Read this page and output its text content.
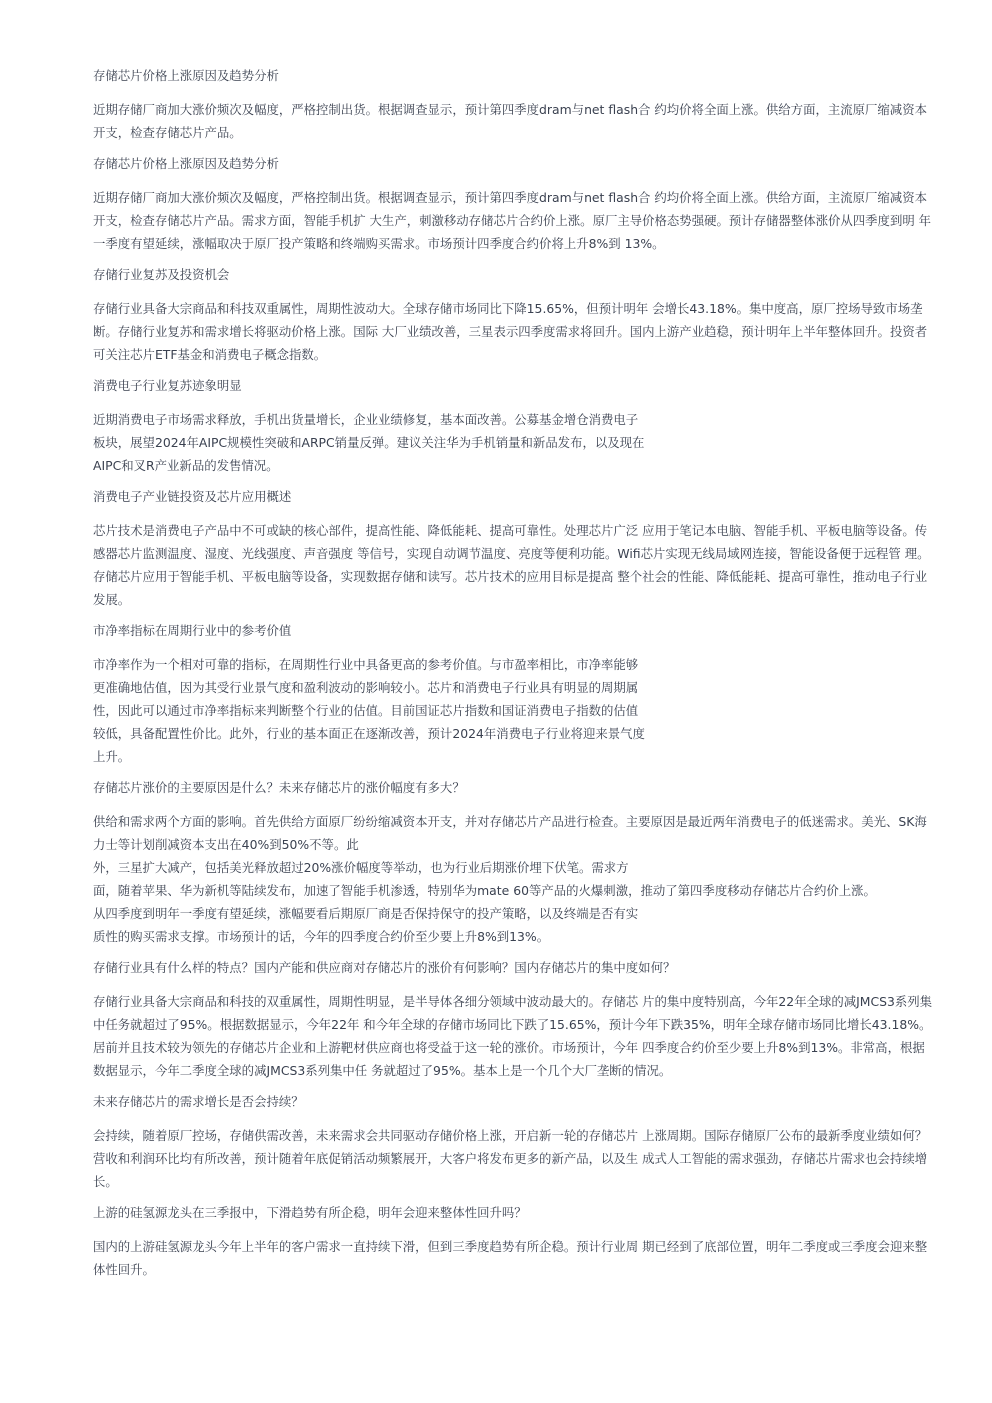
存储芯片价格上涨原因及趋势分析
近期存储厂商加大涨价频次及幅度，严格控制出货。根据调查显示，预计第四季度dram与net flash合 约均价将全面上涨。供给方面，主流原厂缩减资本开支，检查存储芯片产品。
存储芯片价格上涨原因及趋势分析
近期存储厂商加大涨价频次及幅度，严格控制出货。根据调查显示，预计第四季度dram与net flash合 约均价将全面上涨。供给方面，主流原厂缩减资本开支，检查存储芯片产品。需求方面，智能手机扩 大生产，刺激移动存储芯片合约价上涨。原厂主导价格态势强硬。预计存储器整体涨价从四季度到明 年一季度有望延续，涨幅取决于原厂投产策略和终端购买需求。市场预计四季度合约价将上升8%到 13%。
存储行业复苏及投资机会
存储行业具备大宗商品和科技双重属性，周期性波动大。全球存储市场同比下降15.65%，但预计明年 会增长43.18%。集中度高，原厂控场导致市场垄断。存储行业复苏和需求增长将驱动价格上涨。国际 大厂业绩改善，三星表示四季度需求将回升。国内上游产业趋稳，预计明年上半年整体回升。投资者 可关注芯片ETF基金和消费电子概念指数。
消费电子行业复苏迹象明显
近期消费电子市场需求释放，手机出货量增长，企业业绩修复，基本面改善。公募基金增仓消费电子
板块，展望2024年AIPC规模性突破和ARPC销量反弹。建议关注华为手机销量和新品发布，以及现在
AIPC和叉R产业新品的发售情况。
消费电子产业链投资及芯片应用概述
芯片技术是消费电子产品中不可或缺的核心部件，提高性能、降低能耗、提高可靠性。处理芯片广泛 应用于笔记本电脑、智能手机、平板电脑等设备。传感器芯片监测温度、湿度、光线强度、声音强度 等信号，实现自动调节温度、亮度等便利功能。Wifi芯片实现无线局域网连接，智能设备便于远程管 理。存储芯片应用于智能手机、平板电脑等设备，实现数据存储和读写。芯片技术的应用目标是提高 整个社会的性能、降低能耗、提高可靠性，推动电子行业发展。
市净率指标在周期行业中的参考价值
市净率作为一个相对可靠的指标，在周期性行业中具备更高的参考价值。与市盈率相比，市净率能够
更准确地估值，因为其受行业景气度和盈利波动的影响较小。芯片和消费电子行业具有明显的周期属
性，因此可以通过市净率指标来判断整个行业的估值。目前国证芯片指数和国证消费电子指数的估值
较低，具备配置性价比。此外，行业的基本面正在逐渐改善，预计2024年消费电子行业将迎来景气度
上升。
存储芯片涨价的主要原因是什么？未来存储芯片的涨价幅度有多大？
供给和需求两个方面的影响。首先供给方面原厂纷纷缩减资本开支，并对存储芯片产品进行检查。主要原因是最近两年消费电子的低迷需求。美光、SK海力士等计划削减资本支出在40%到50%不等。此
外，三星扩大减产，包括美光释放超过20%涨价幅度等举动，也为行业后期涨价埋下伏笔。需求方
面，随着苹果、华为新机等陆续发布，加速了智能手机渗透，特别华为mate 60等产品的火爆刺激，推动了第四季度移动存储芯片合约价上涨。
从四季度到明年一季度有望延续，涨幅要看后期原厂商是否保持保守的投产策略，以及终端是否有实
质性的购买需求支撑。市场预计的话，今年的四季度合约价至少要上升8%到13%。
存储行业具有什么样的特点？国内产能和供应商对存储芯片的涨价有何影响？国内存储芯片的集中度如何？
存储行业具备大宗商品和科技的双重属性，周期性明显，是半导体各细分领域中波动最大的。存储芯 片的集中度特别高，今年22年全球的减JMCS3系列集中任务就超过了95%。根据数据显示，今年22年 和今年全球的存储市场同比下跌了15.65%，预计今年下跌35%，明年全球存储市场同比增长43.18%。居前并且技术较为领先的存储芯片企业和上游靶材供应商也将受益于这一轮的涨价。市场预计，今年 四季度合约价至少要上升8%到13%。非常高，根据数据显示，今年二季度全球的减JMCS3系列集中任 务就超过了95%。基本上是一个几个大厂垄断的情况。
未来存储芯片的需求增长是否会持续？
会持续，随着原厂控场，存储供需改善，未来需求会共同驱动存储价格上涨，开启新一轮的存储芯片 上涨周期。国际存储原厂公布的最新季度业绩如何？营收和利润环比均有所改善，预计随着年底促销活动频繁展开，大客户将发布更多的新产品，以及生 成式人工智能的需求强劲，存储芯片需求也会持续增长。
上游的硅氢源龙头在三季报中，下滑趋势有所企稳，明年会迎来整体性回升吗？
国内的上游硅氢源龙头今年上半年的客户需求一直持续下滑，但到三季度趋势有所企稳。预计行业周 期已经到了底部位置，明年二季度或三季度会迎来整体性回升。
